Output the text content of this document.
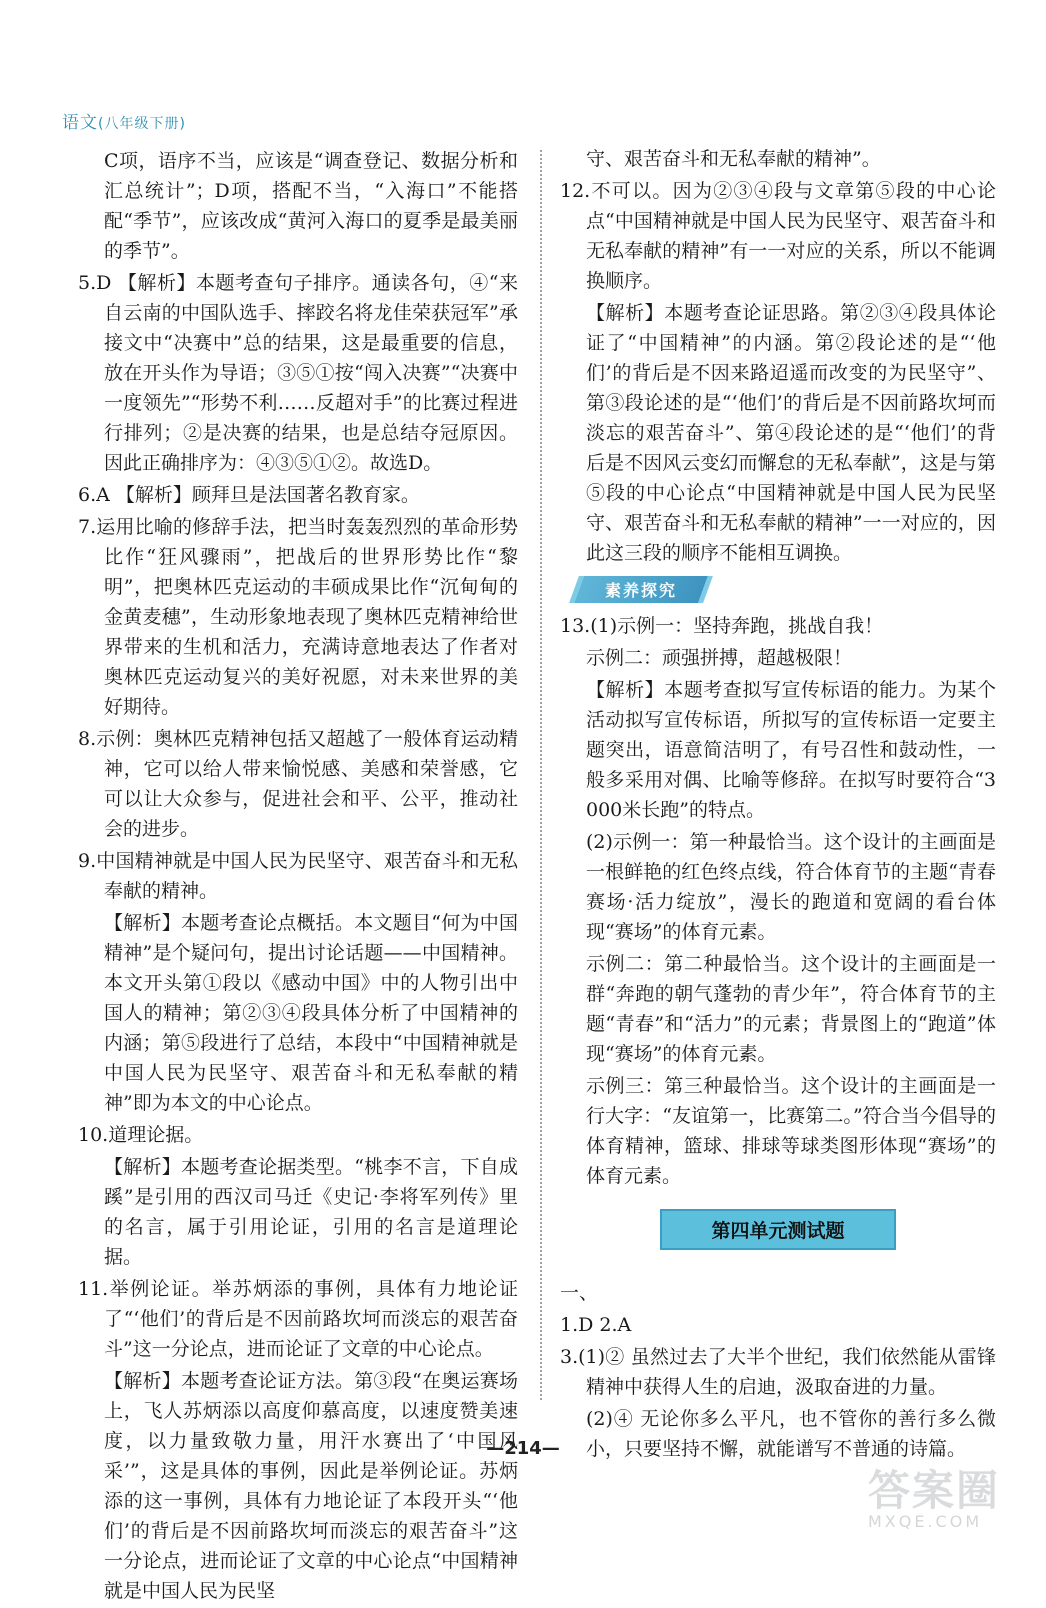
语文(八年级下册)

C项，语序不当，应该是“调查登记、数据分析和汇总统计”；D项，搭配不当，“入海口”不能搭配“季节”，应该改成“黄河入海口的夏季是最美丽的季节”。

5.D 【解析】本题考查句子排序。通读各句，④“来自云南的中国队选手、摔跤名将龙佳荣获冠军”承接文中“决赛中”总的结果，这是最重要的信息，放在开头作为导语；③⑤①按“闯入决赛”“决赛中一度领先”“形势不利……反超对手”的比赛过程进行排列；②是决赛的结果，也是总结夺冠原因。因此正确排序为：④③⑤①②。故选D。

6.A 【解析】顾拜旦是法国著名教育家。

7.运用比喻的修辞手法，把当时轰轰烈烈的革命形势比作“狂风骤雨”，把战后的世界形势比作“黎明”，把奥林匹克运动的丰硕成果比作“沉甸甸的金黄麦穗”，生动形象地表现了奥林匹克精神给世界带来的生机和活力，充满诗意地表达了作者对奥林匹克运动复兴的美好祝愿，对未来世界的美好期待。

8.示例：奥林匹克精神包括又超越了一般体育运动精神，它可以给人带来愉悦感、美感和荣誉感，它可以让大众参与，促进社会和平、公平，推动社会的进步。

9.中国精神就是中国人民为民坚守、艰苦奋斗和无私奉献的精神。

【解析】本题考查论点概括。本文题目“何为中国精神”是个疑问句，提出讨论话题——中国精神。本文开头第①段以《感动中国》中的人物引出中国人的精神；第②③④段具体分析了中国精神的内涵；第⑤段进行了总结，本段中“中国精神就是中国人民为民坚守、艰苦奋斗和无私奉献的精神”即为本文的中心论点。

10.道理论据。

【解析】本题考查论据类型。“桃李不言，下自成蹊”是引用的西汉司马迁《史记·李将军列传》里的名言，属于引用论证，引用的名言是道理论据。

11.举例论证。举苏炳添的事例，具体有力地论证了“‘他们’的背后是不因前路坎坷而淡忘的艰苦奋斗”这一分论点，进而论证了文章的中心论点。

【解析】本题考查论证方法。第③段“在奥运赛场上，飞人苏炳添以高度仰慕高度，以速度赞美速度，以力量致敬力量，用汗水赛出了‘中国风采’”，这是具体的事例，因此是举例论证。苏炳添的这一事例，具体有力地论证了本段开头“‘他们’的背后是不因前路坎坷而淡忘的艰苦奋斗”这一分论点，进而论证了文章的中心论点“中国精神就是中国人民为民坚

守、艰苦奋斗和无私奉献的精神”。

12.不可以。因为②③④段与文章第⑤段的中心论点“中国精神就是中国人民为民坚守、艰苦奋斗和无私奉献的精神”有一一对应的关系，所以不能调换顺序。

【解析】本题考查论证思路。第②③④段具体论证了“中国精神”的内涵。第②段论述的是“‘他们’的背后是不因来路迢遥而改变的为民坚守”、第③段论述的是“‘他们’的背后是不因前路坎坷而淡忘的艰苦奋斗”、第④段论述的是“‘他们’的背后是不因风云变幻而懈怠的无私奉献”，这是与第⑤段的中心论点“中国精神就是中国人民为民坚守、艰苦奋斗和无私奉献的精神”一一对应的，因此这三段的顺序不能相互调换。

素养探究

13.(1)示例一：坚持奔跑，挑战自我！

示例二：顽强拼搏，超越极限！

【解析】本题考查拟写宣传标语的能力。为某个活动拟写宣传标语，所拟写的宣传标语一定要主题突出，语意简洁明了，有号召性和鼓动性，一般多采用对偶、比喻等修辞。在拟写时要符合“3000米长跑”的特点。

(2)示例一：第一种最恰当。这个设计的主画面是一根鲜艳的红色终点线，符合体育节的主题“青春赛场·活力绽放”，漫长的跑道和宽阔的看台体现“赛场”的体育元素。

示例二：第二种最恰当。这个设计的主画面是一群“奔跑的朝气蓬勃的青少年”，符合体育节的主题“青春”和“活力”的元素；背景图上的“跑道”体现“赛场”的体育元素。

示例三：第三种最恰当。这个设计的主画面是一行大字：“友谊第一，比赛第二。”符合当今倡导的体育精神，篮球、排球等球类图形体现“赛场”的体育元素。

第四单元测试题

一、

1.D 2.A

3.(1)② 虽然过去了大半个世纪，我们依然能从雷锋精神中获得人生的启迪，汲取奋进的力量。

(2)④ 无论你多么平凡，也不管你的善行多么微小，只要坚持不懈，就能谱写不普通的诗篇。

—214—
答案圈
MXQE.COM
